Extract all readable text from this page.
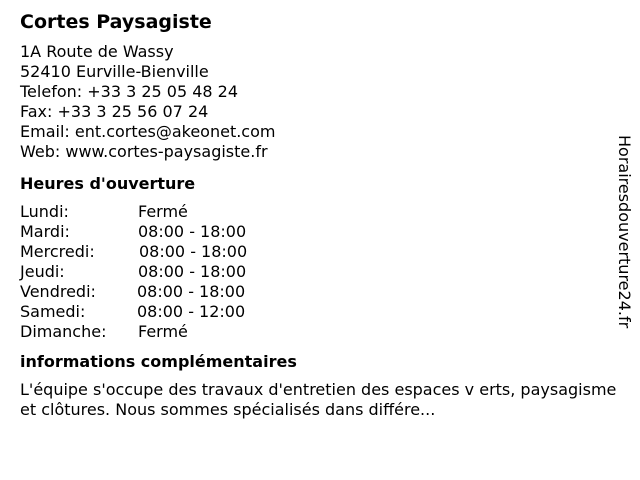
Cortes Paysagiste
1A Route de Wassy
52410 Eurville-Bienville
Telefon: +33 3 25 05 48 24
Fax: +33 3 25 56 07 24
Email: ent.cortes@akeonet.com
Web: www.cortes-paysagiste.fr
Heures d'ouverture
Lundi:	Fermé
Mardi:	08:00 - 18:00
Mercredi:	08:00 - 18:00
Jeudi:	08:00 - 18:00
Vendredi:	08:00 - 18:00
Samedi:	08:00 - 12:00
Dimanche: Fermé
informations complémentaires
L'équipe s'occupe des travaux d'entretien des espaces v erts, paysagisme et clôtures. Nous sommes spécialisés dans différe...
Horairesdouverture24.fr
